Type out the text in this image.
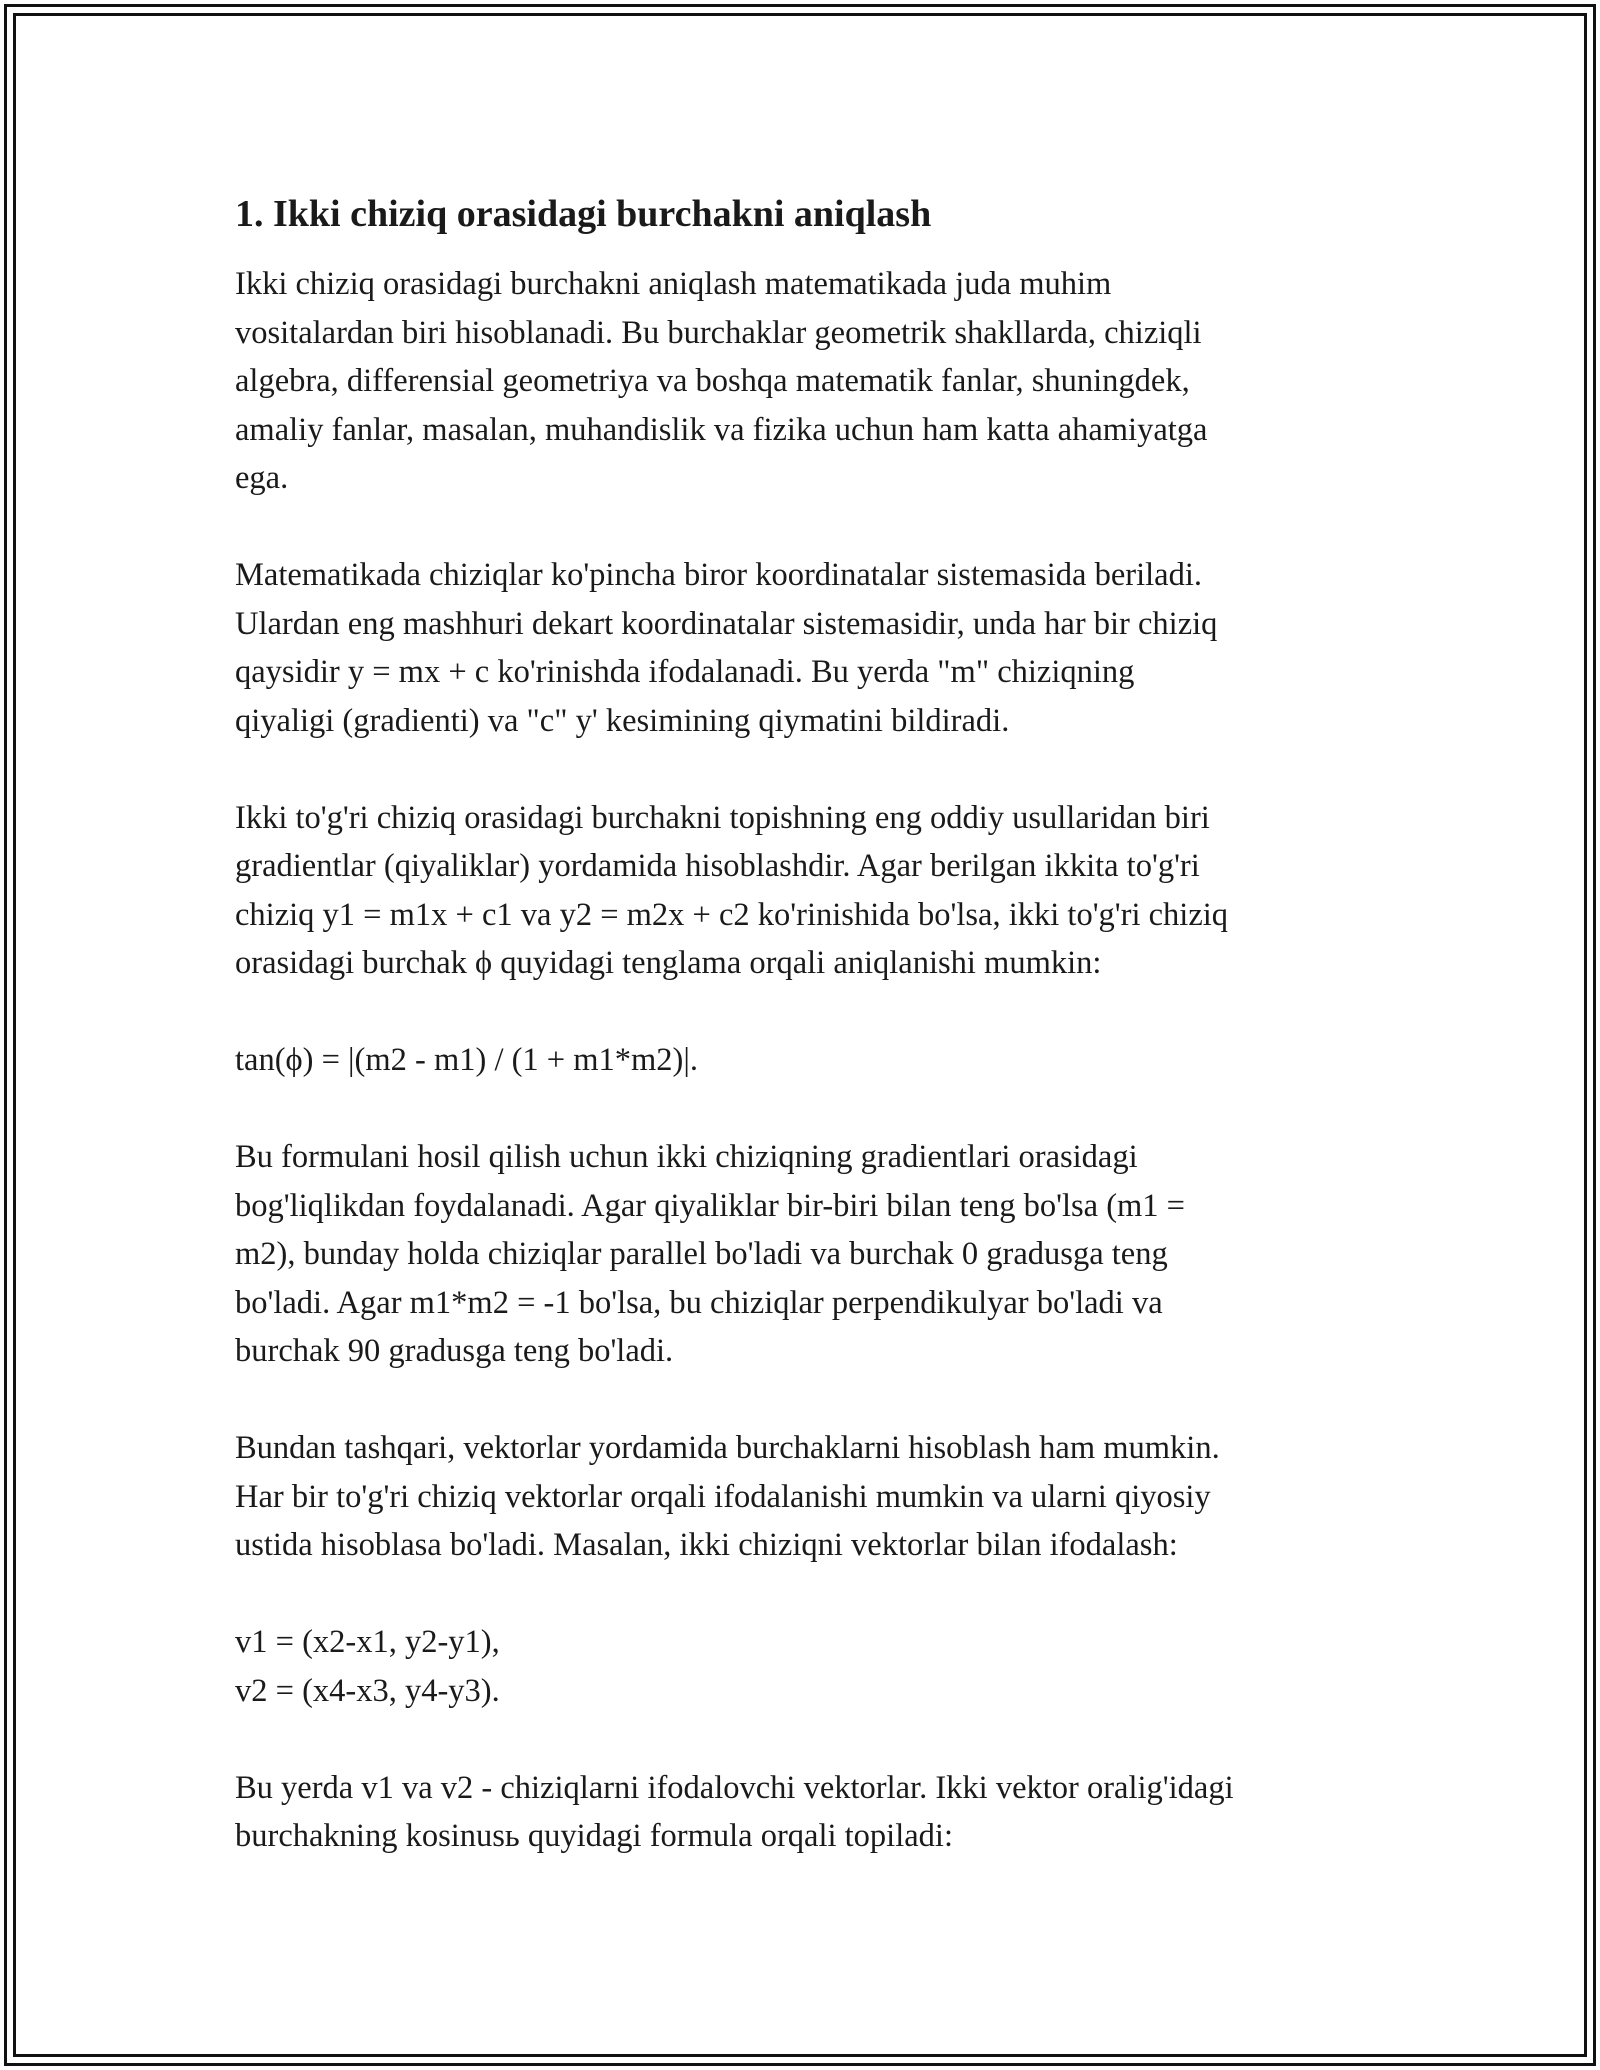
1. Ikki chiziq orasidagi burchakni aniqlash

Ikki chiziq orasidagi burchakni aniqlash matematikada juda muhim
vositalardan biri hisoblanadi. Bu burchaklar geometrik shakllarda, chiziqli
algebra, differensial geometriya va boshqa matematik fanlar, shuningdek,
amaliy fanlar, masalan, muhandislik va fizika uchun ham katta ahamiyatga
ega.

Matematikada chiziqlar ko'pincha biror koordinatalar sistemasida beriladi.
Ulardan eng mashhuri dekart koordinatalar sistemasidir, unda har bir chiziq
qaysidir y = mx + c ko'rinishda ifodalanadi. Bu yerda "m" chiziqning
qiyaligi (gradienti) va "c" y' kesimining qiymatini bildiradi.

Ikki to'g'ri chiziq orasidagi burchakni topishning eng oddiy usullaridan biri
gradientlar (qiyaliklar) yordamida hisoblashdir. Agar berilgan ikkita to'g'ri
chiziq y1 = m1x + c1 va y2 = m2x + c2 ko'rinishida bo'lsa, ikki to'g'ri chiziq
orasidagi burchak ϕ quyidagi tenglama orqali aniqlanishi mumkin:

tan(ϕ) = |(m2 - m1) / (1 + m1*m2)|.

Bu formulani hosil qilish uchun ikki chiziqning gradientlari orasidagi
bog'liqlikdan foydalanadi. Agar qiyaliklar bir-biri bilan teng bo'lsa (m1 =
m2), bunday holda chiziqlar parallel bo'ladi va burchak 0 gradusga teng
bo'ladi. Agar m1*m2 = -1 bo'lsa, bu chiziqlar perpendikulyar bo'ladi va
burchak 90 gradusga teng bo'ladi.

Bundan tashqari, vektorlar yordamida burchaklarni hisoblash ham mumkin.
Har bir to'g'ri chiziq vektorlar orqali ifodalanishi mumkin va ularni qiyosiy
ustida hisoblasa bo'ladi. Masalan, ikki chiziqni vektorlar bilan ifodalash:

v1 = (x2-x1, y2-y1),
v2 = (x4-x3, y4-y3).

Bu yerda v1 va v2 - chiziqlarni ifodalovchi vektorlar. Ikki vektor oralig'idagi
burchakning kosinusь quyidagi formula orqali topiladi:
